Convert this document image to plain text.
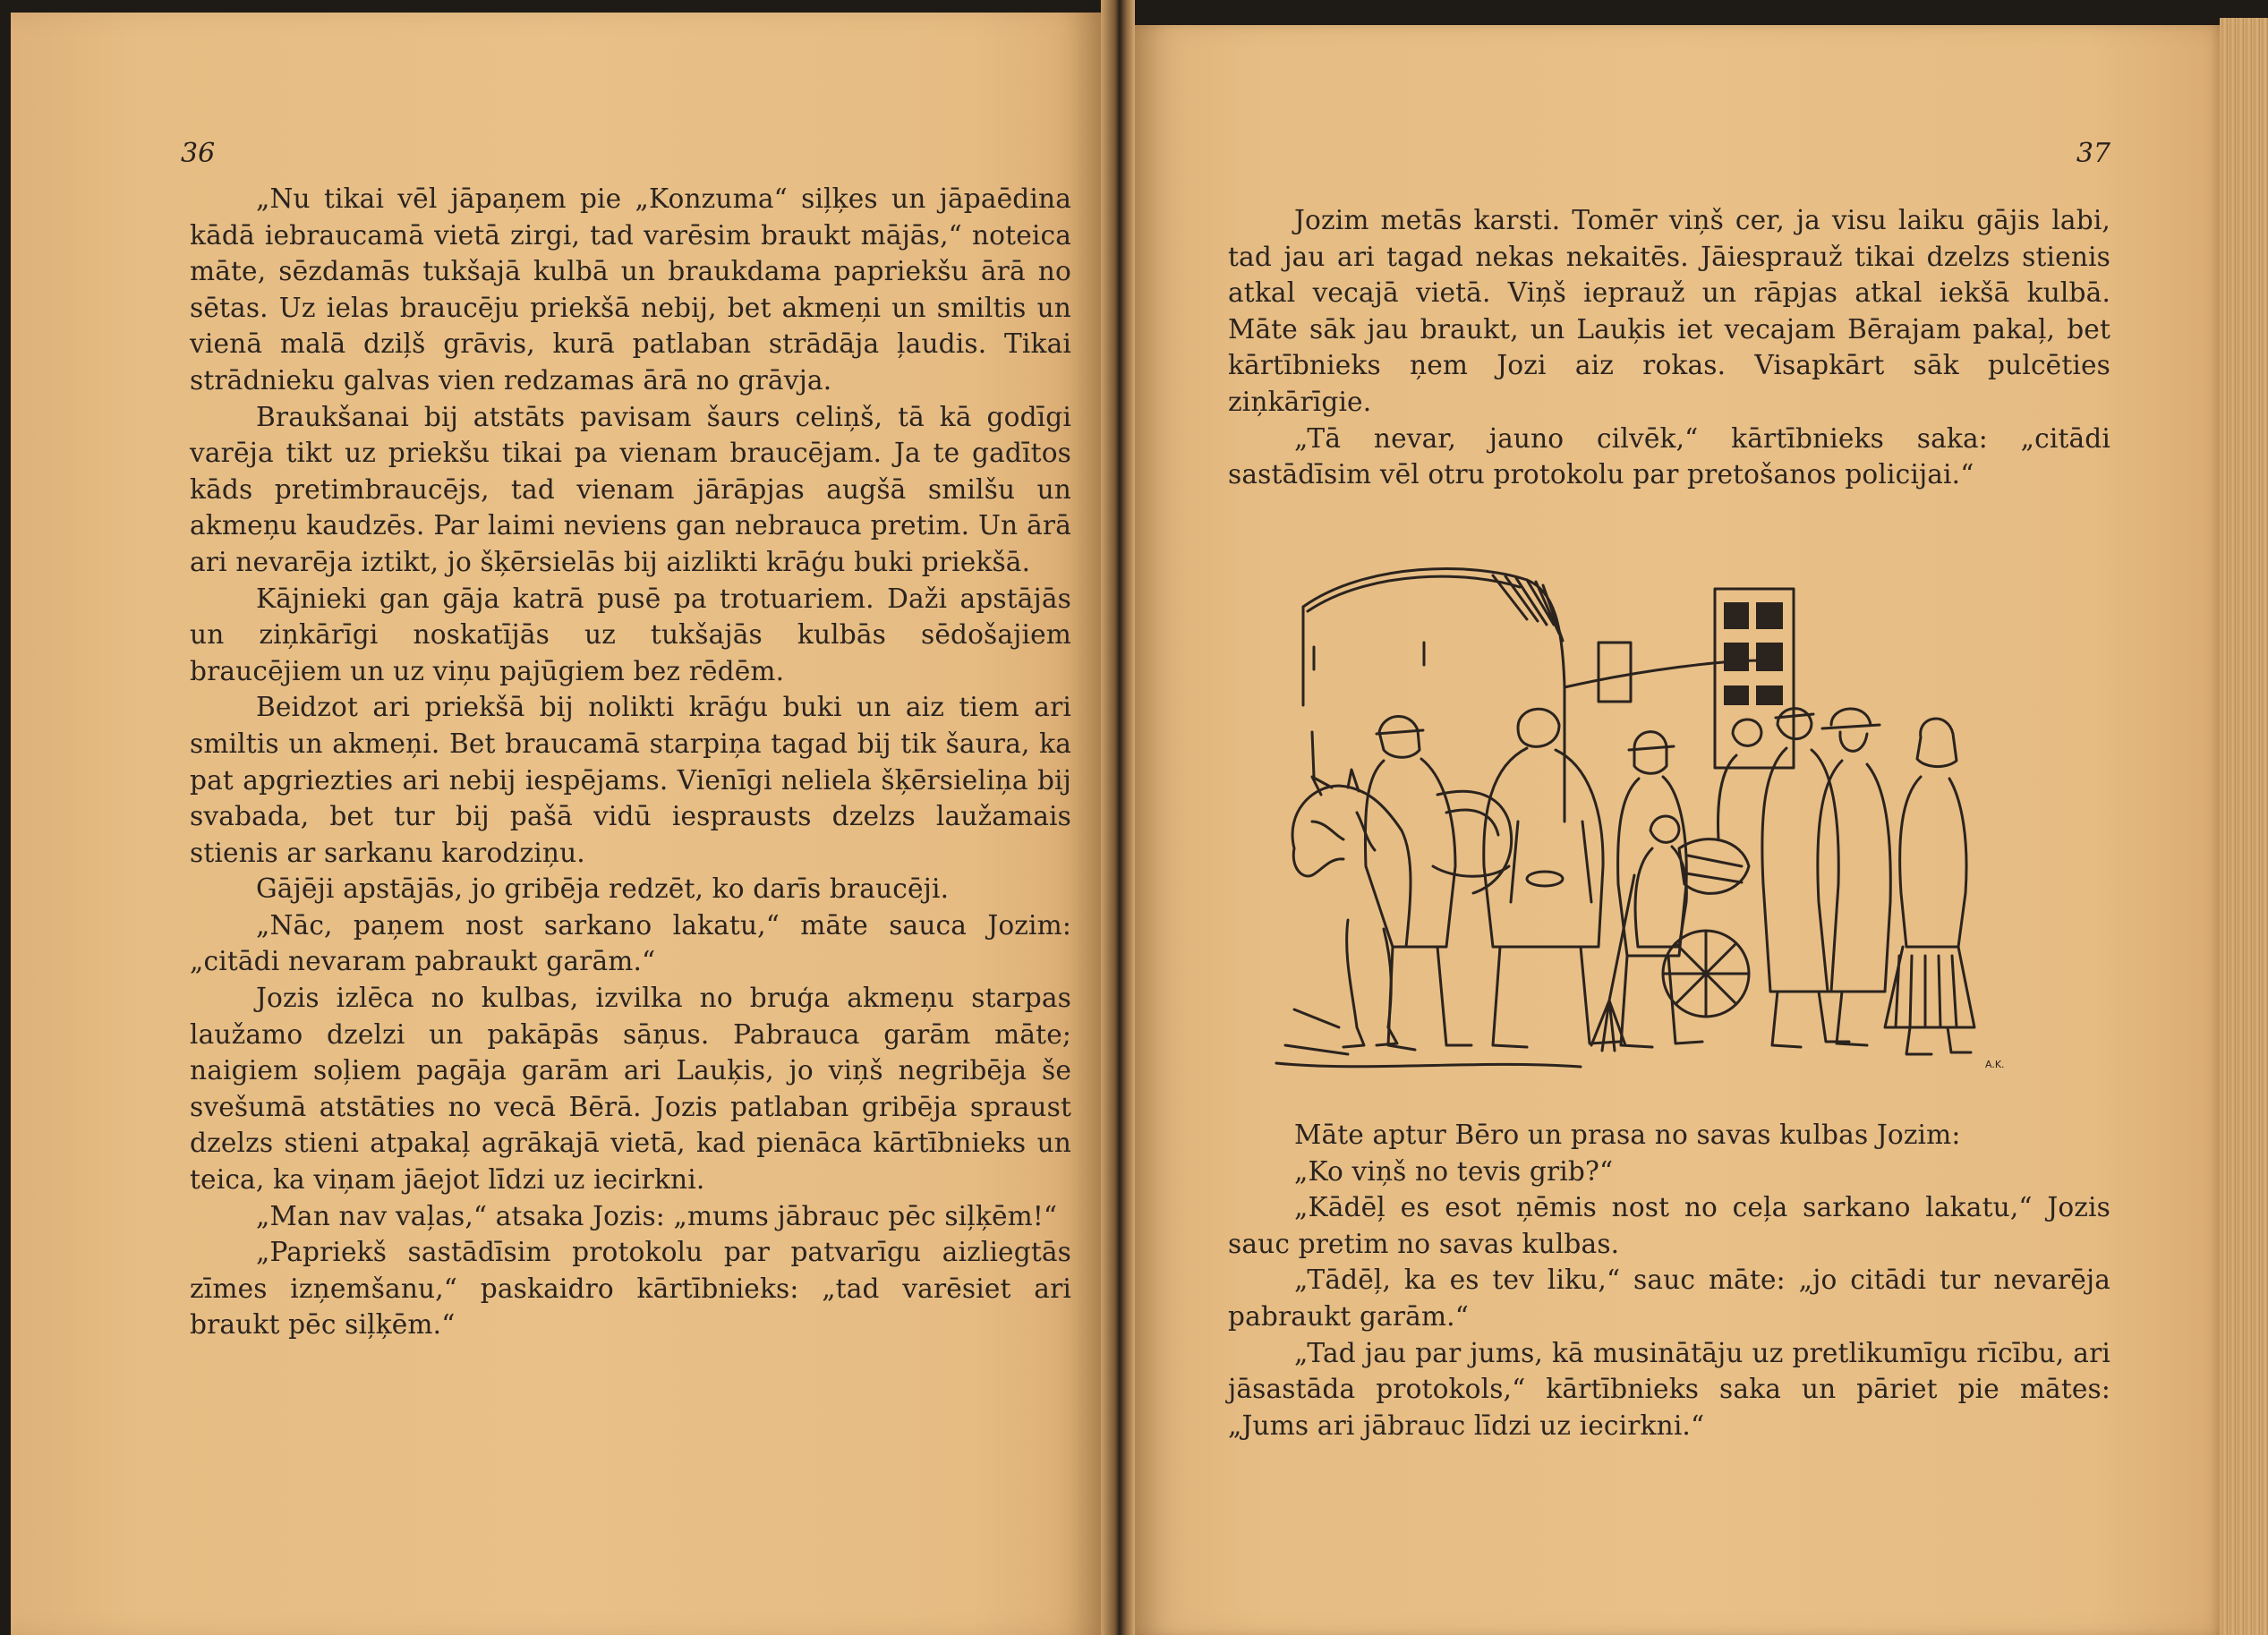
36

„Nu tikai vēl jāpaņem pie „Konzuma“ siļķes un jāpaēdina kādā iebraucamā vietā zirgi, tad varēsim braukt mājās,“ noteica māte, sēzdamās tukšajā kulbā un braukdama papriekšu ārā no sētas. Uz ielas braucēju priekšā nebij, bet akmeņi un smiltis un vienā malā dziļš grāvis, kurā patlaban strādāja ļaudis. Tikai strādnieku galvas vien redzamas ārā no grāvja.

Braukšanai bij atstāts pavisam šaurs celiņš, tā kā godīgi varēja tikt uz priekšu tikai pa vienam braucējam. Ja te gadītos kāds pretimbraucējs, tad vienam jārāpjas augšā smilšu un akmeņu kaudzēs. Par laimi neviens gan nebrauca pretim. Un ārā ari nevarēja iztikt, jo šķērsielās bij aizlikti krāģu buki priekšā.

Kājnieki gan gāja katrā pusē pa trotuariem. Daži apstājās un ziņkārīgi noskatījās uz tukšajās kulbās sēdošajiem braucējiem un uz viņu pajūgiem bez rēdēm.

Beidzot ari priekšā bij nolikti krāģu buki un aiz tiem ari smiltis un akmeņi. Bet braucamā starpiņa tagad bij tik šaura, ka pat apgriezties ari nebij iespējams. Vienīgi neliela šķērsieliņa bij svabada, bet tur bij pašā vidū iesprausts dzelzs laužamais stienis ar sarkanu karodziņu.

Gājēji apstājās, jo gribēja redzēt, ko darīs braucēji.

„Nāc, paņem nost sarkano lakatu,“ māte sauca Jozim: „citādi nevaram pabraukt garām.“

Jozis izlēca no kulbas, izvilka no bruģa akmeņu starpas laužamo dzelzi un pakāpās sāņus. Pabrauca garām māte; naigiem soļiem pagāja garām ari Lauķis, jo viņš negribēja še svešumā atstāties no vecā Bērā. Jozis patlaban gribēja spraust dzelzs stieni atpakaļ agrākajā vietā, kad pienāca kārtībnieks un teica, ka viņam jāejot līdzi uz iecirkni.

„Man nav vaļas,“ atsaka Jozis: „mums jābrauc pēc siļķēm!“

„Papriekš sastādīsim protokolu par patvarīgu aizliegtās zīmes izņemšanu,“ paskaidro kārtībnieks: „tad varēsiet ari braukt pēc siļķēm.“

37

Jozim metās karsti. Tomēr viņš cer, ja visu laiku gājis labi, tad jau ari tagad nekas nekaitēs. Jāiesprauž tikai dzelzs stienis atkal vecajā vietā. Viņš ieprauž un rāpjas atkal iekšā kulbā. Māte sāk jau braukt, un Lauķis iet vecajam Bērajam pakaļ, bet kārtībnieks ņem Jozi aiz rokas. Visapkārt sāk pulcēties ziņkārīgie.

„Tā nevar, jauno cilvēk,“ kārtībnieks saka: „citādi sastādīsim vēl otru protokolu par pretošanos policijai.“

A.K.

Māte aptur Bēro un prasa no savas kulbas Jozim:

„Ko viņš no tevis grib?“

„Kādēļ es esot ņēmis nost no ceļa sarkano lakatu,“ Jozis sauc pretim no savas kulbas.

„Tādēļ, ka es tev liku,“ sauc māte: „jo citādi tur nevarēja pabraukt garām.“

„Tad jau par jums, kā musinātāju uz pretlikumīgu rīcību, ari jāsastāda protokols,“ kārtībnieks saka un pāriet pie mātes: „Jums ari jābrauc līdzi uz iecirkni.“
